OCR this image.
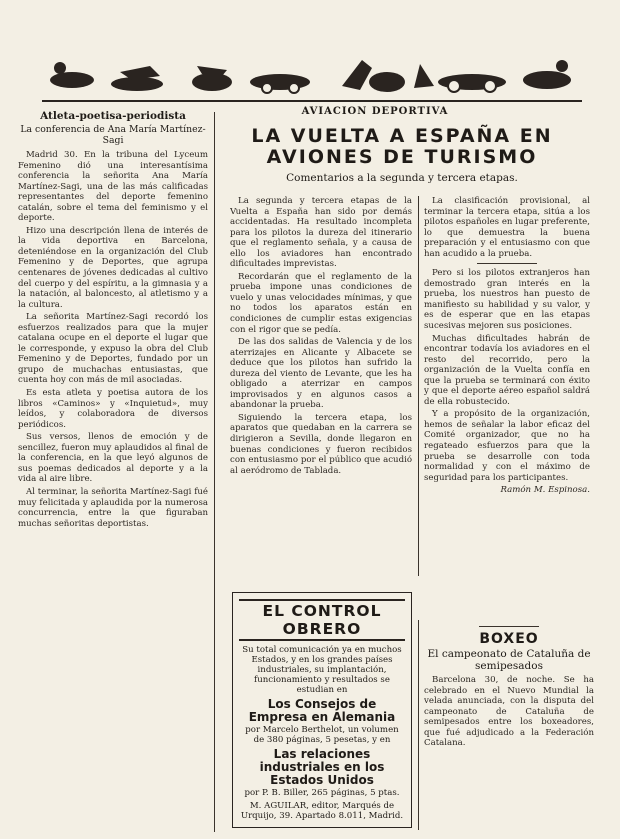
Atleta-poetisa-periodista
La conferencia de Ana María Martínez-Sagi

Madrid 30. En la tribuna del Lyceum Femenino dió una interesantísima conferencia la señorita Ana María Martínez-Sagi, una de las más calificadas representantes del deporte femenino catalán, sobre el tema del feminismo y el deporte.

Hizo una descripción llena de interés de la vida deportiva en Barcelona, deteniéndose en la organización del Club Femenino y de Deportes, que agrupa centenares de jóvenes dedicadas al cultivo del cuerpo y del espíritu, a la gimnasia y a la natación, al baloncesto, al atletismo y a la cultura.

La señorita Martínez-Sagi recordó los esfuerzos realizados para que la mujer catalana ocupe en el deporte el lugar que le corresponde, y expuso la obra del Club Femenino y de Deportes, fundado por un grupo de muchachas entusiastas, que cuenta hoy con más de mil asociadas.

Es esta atleta y poetisa autora de los libros «Caminos» y «Inquietud», muy leídos, y colaboradora de diversos periódicos.

Sus versos, llenos de emoción y de sencillez, fueron muy aplaudidos al final de la conferencia, en la que leyó algunos de sus poemas dedicados al deporte y a la vida al aire libre.

Al terminar, la señorita Martínez-Sagi fué muy felicitada y aplaudida por la numerosa concurrencia, entre la que figuraban muchas señoritas deportistas.

AVIACION DEPORTIVA
LA VUELTA A ESPAÑA EN AVIONES DE TURISMO
Comentarios a la segunda y tercera etapas.

La segunda y tercera etapas de la Vuelta a España han sido por demás accidentadas. Ha resultado incompleta para los pilotos la dureza del itinerario que el reglamento señala, y a causa de ello los aviadores han encontrado dificultades imprevistas.

Recordarán que el reglamento de la prueba impone unas condiciones de vuelo y unas velocidades mínimas, y que no todos los aparatos están en condiciones de cumplir estas exigencias con el rigor que se pedía.

De las dos salidas de Valencia y de los aterrizajes en Alicante y Albacete se deduce que los pilotos han sufrido la dureza del viento de Levante, que les ha obligado a aterrizar en campos improvisados y en algunos casos a abandonar la prueba.

Siguiendo la tercera etapa, los aparatos que quedaban en la carrera se dirigieron a Sevilla, donde llegaron en buenas condiciones y fueron recibidos con entusiasmo por el público que acudió al aeródromo de Tablada.

La clasificación provisional, al terminar la tercera etapa, sitúa a los pilotos españoles en lugar preferente, lo que demuestra la buena preparación y el entusiasmo con que han acudido a la prueba.

Pero si los pilotos extranjeros han demostrado gran interés en la prueba, los nuestros han puesto de manifiesto su habilidad y su valor, y es de esperar que en las etapas sucesivas mejoren sus posiciones.

Muchas dificultades habrán de encontrar todavía los aviadores en el resto del recorrido, pero la organización de la Vuelta confía en que la prueba se terminará con éxito y que el deporte aéreo español saldrá de ella robustecido.

Y a propósito de la organización, hemos de señalar la labor eficaz del Comité organizador, que no ha regateado esfuerzos para que la prueba se desarrolle con toda normalidad y con el máximo de seguridad para los participantes.

Ramón M. Espinosa.

EL CONTROL OBRERO
Su total comunicación ya en muchos Estados, y en los grandes países industriales, su implantación, funcionamiento y resultados se estudian en
Los Consejos de Empresa en Alemania
por Marcelo Berthelot, un volumen de 380 páginas, 5 pesetas, y en
Las relaciones industriales en los Estados Unidos
por P. B. Biller, 265 páginas, 5 ptas.
M. AGUILAR, editor, Marqués de Urquijo, 39. Apartado 8.011, Madrid.
BOXEO
El campeonato de Cataluña de semipesados

Barcelona 30, de noche. Se ha celebrado en el Nuevo Mundial la velada anunciada, con la disputa del campeonato de Cataluña de semipesados entre los boxeadores, que fué adjudicado a la Federación Catalana.
